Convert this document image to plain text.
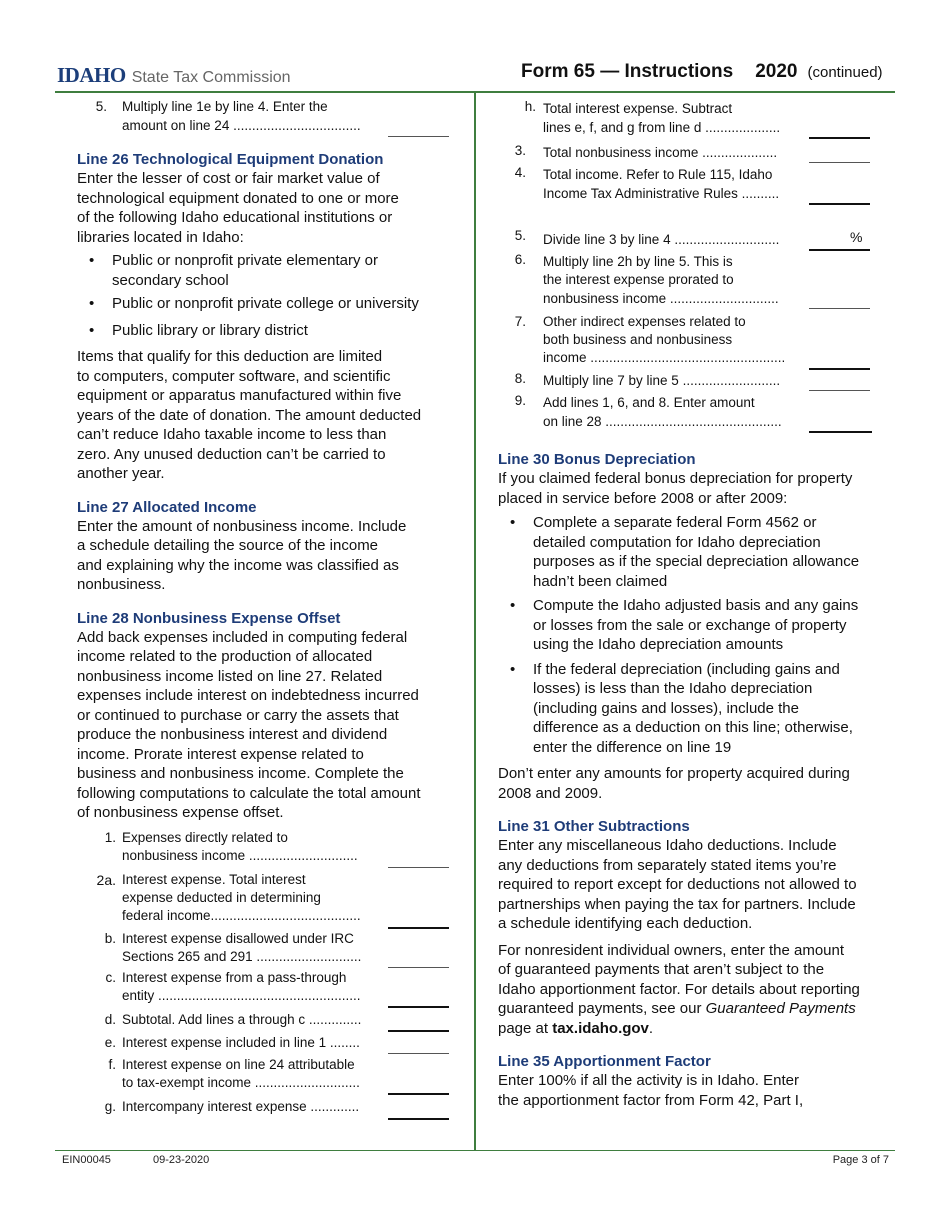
IDAHO State Tax Commission	Form 65 — Instructions 2020 (continued)
5. Multiply line 1e by line 4. Enter the
amount on line 24 ..................................

Line 26 Technological Equipment Donation

Enter the lesser of cost or fair market value of

technological equipment donated to one or more

of the following Idaho educational institutions or

libraries located in Idaho:

• Public or nonprofit private elementary or
secondary school
• Public or nonprofit private college or university
• Public library or library district

Items that qualify for this deduction are limited

to computers, computer software, and scientific

equipment or apparatus manufactured within five

years of the date of donation. The amount deducted

can’t reduce Idaho taxable income to less than

zero. Any unused deduction can’t be carried to

another year.

Line 27 Allocated Income

Enter the amount of nonbusiness income. Include

a schedule detailing the source of the income

and explaining why the income was classified as

nonbusiness.

Line 28 Nonbusiness Expense Offset

Add back expenses included in computing federal

income related to the production of allocated

nonbusiness income listed on line 27. Related

expenses include interest on indebtedness incurred

or continued to purchase or carry the assets that

produce the nonbusiness interest and dividend

income. Prorate interest expense related to

business and nonbusiness income. Complete the

following computations to calculate the total amount

of nonbusiness expense offset.

1. Expenses directly related to
nonbusiness income .............................
2a. Interest expense. Total interest
expense deducted in determining
federal income........................................
b. Interest expense disallowed under IRC
Sections 265 and 291 ............................
c. Interest expense from a pass-through
entity ......................................................
d. Subtotal. Add lines a through c ..............
e. Interest expense included in line 1 ........
f. Interest expense on line 24 attributable
to tax-exempt income ............................
g. Intercompany interest expense .............
h. Total interest expense. Subtract
lines e, f, and g from line d ....................
3. Total nonbusiness income ....................
4. Total income. Refer to Rule 115, Idaho
Income Tax Administrative Rules ..........
5. Divide line 3 by line 4 ............................	%
6. Multiply line 2h by line 5. This is
the interest expense prorated to
nonbusiness income .............................
7. Other indirect expenses related to
both business and nonbusiness
income ....................................................
8. Multiply line 7 by line 5 ..........................
9. Add lines 1, 6, and 8. Enter amount
on line 28 ...............................................

Line 30 Bonus Depreciation

If you claimed federal bonus depreciation for property

placed in service before 2008 or after 2009:

• Complete a separate federal Form 4562 or
detailed computation for Idaho depreciation
purposes as if the special depreciation allowance
hadn’t been claimed
• Compute the Idaho adjusted basis and any gains
or losses from the sale or exchange of property
using the Idaho depreciation amounts
• If the federal depreciation (including gains and
losses) is less than the Idaho depreciation
(including gains and losses), include the
difference as a deduction on this line; otherwise,
enter the difference on line 19

Don’t enter any amounts for property acquired during

2008 and 2009.

Line 31 Other Subtractions

Enter any miscellaneous Idaho deductions. Include

any deductions from separately stated items you’re

required to report except for deductions not allowed to

partnerships when paying the tax for partners. Include

a schedule identifying each deduction.

For nonresident individual owners, enter the amount

of guaranteed payments that aren’t subject to the

Idaho apportionment factor. For details about reporting

guaranteed payments, see our Guaranteed Payments

page at tax.idaho.gov.

Line 35 Apportionment Factor

Enter 100% if all the activity is in Idaho. Enter

the apportionment factor from Form 42, Part I,

EIN00045	09-23-2020	Page 3 of 7
